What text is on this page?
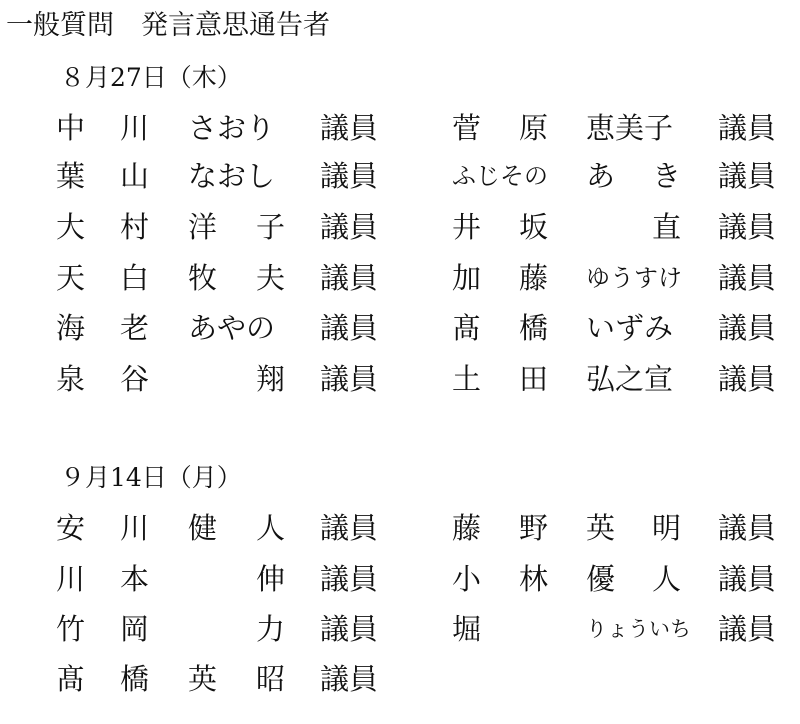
一般質問　発言意思通告者
８月27日（木）
中 川 さおり 議員	菅 原 恵美子 議員
葉 山 なおし 議員	ふじその あ き 議員
大 村 洋 子 議員	井 坂	直 議員
天 白 牧 夫 議員	加 藤 ゆうすけ 議員
海 老 あやの 議員	髙 橋 いずみ 議員
泉 谷	翔 議員	土 田 弘之宣 議員
９月14日（月）
安 川 健 人 議員	藤 野 英 明 議員
川 本	伸 議員	小 林 優 人 議員
竹 岡	力 議員	堀	りょういち 議員
髙 橋 英 昭 議員
